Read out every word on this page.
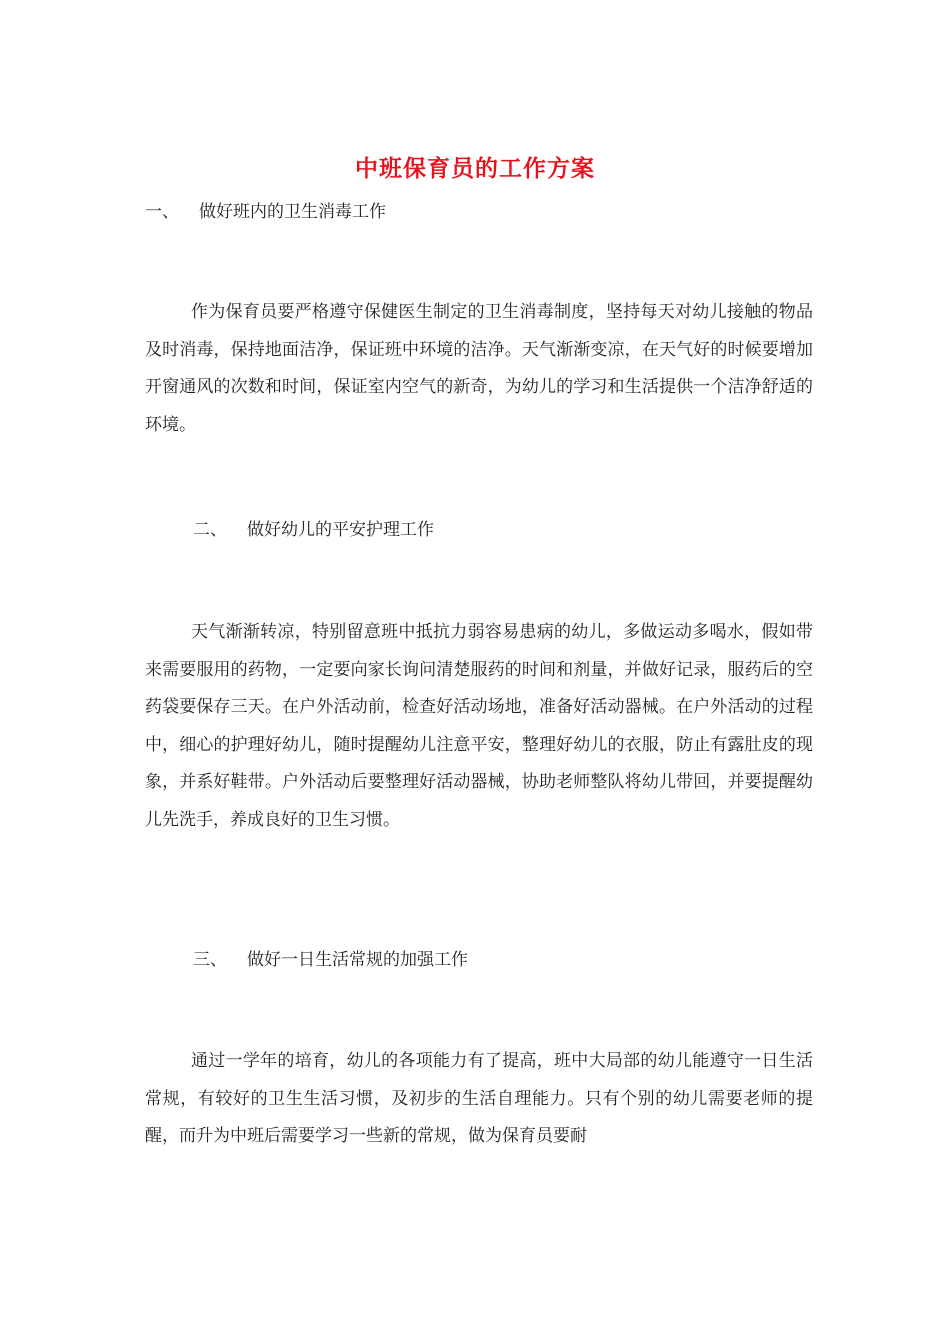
中班保育员的工作方案
一、 做好班内的卫生消毒工作

作为保育员要严格遵守保健医生制定的卫生消毒制度，坚持每天对幼儿接触的物品及时消毒，保持地面洁净，保证班中环境的洁净。天气渐渐变凉，在天气好的时候要增加开窗通风的次数和时间，保证室内空气的新奇，为幼儿的学习和生活提供一个洁净舒适的环境。

二、 做好幼儿的平安护理工作

天气渐渐转凉，特别留意班中抵抗力弱容易患病的幼儿，多做运动多喝水，假如带来需要服用的药物，一定要向家长询问清楚服药的时间和剂量，并做好记录，服药后的空药袋要保存三天。在户外活动前，检查好活动场地，准备好活动器械。在户外活动的过程中，细心的护理好幼儿，随时提醒幼儿注意平安，整理好幼儿的衣服，防止有露肚皮的现象，并系好鞋带。户外活动后要整理好活动器械，协助老师整队将幼儿带回，并要提醒幼儿先洗手，养成良好的卫生习惯。

三、 做好一日生活常规的加强工作

通过一学年的培育，幼儿的各项能力有了提高，班中大局部的幼儿能遵守一日生活常规，有较好的卫生生活习惯，及初步的生活自理能力。只有个别的幼儿需要老师的提醒，而升为中班后需要学习一些新的常规，做为保育员要耐
